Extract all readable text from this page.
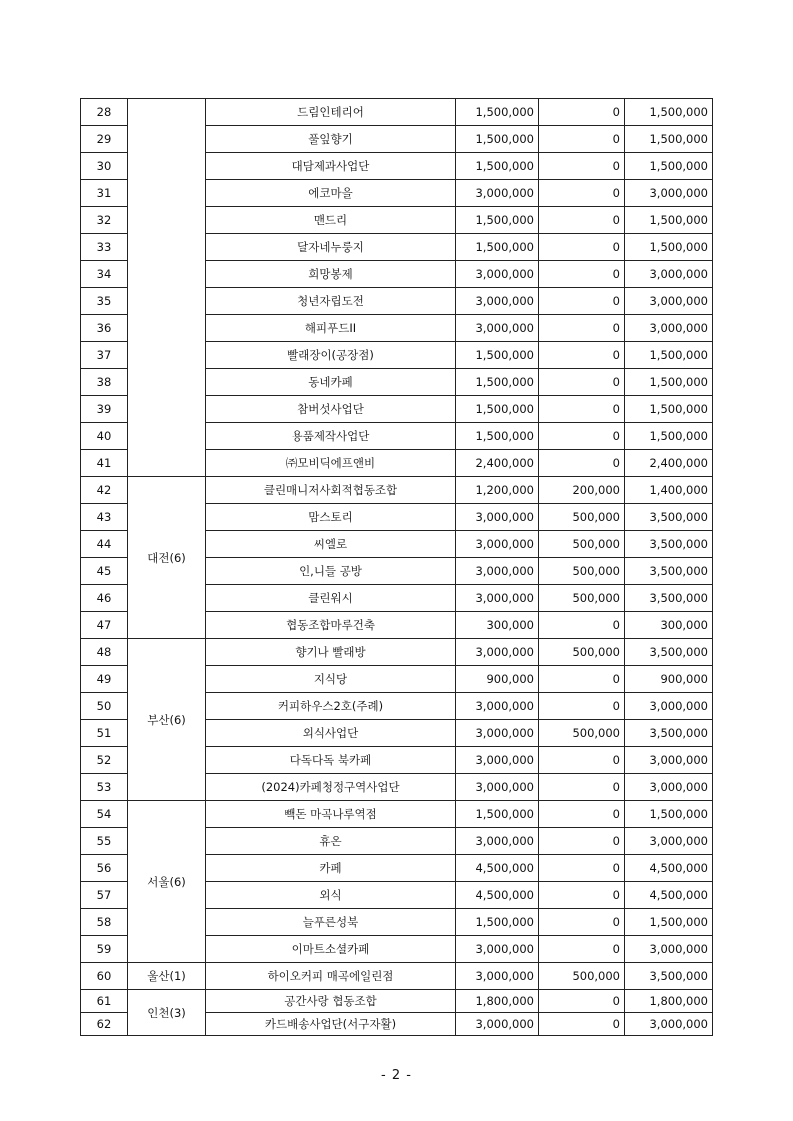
28		드림인테리어	1,500,000	0	1,500,000
29		풀잎향기	1,500,000	0	1,500,000
30		대담제과사업단	1,500,000	0	1,500,000
31		에코마을	3,000,000	0	3,000,000
32		맨드리	1,500,000	0	1,500,000
33		달자네누룽지	1,500,000	0	1,500,000
34		희망봉제	3,000,000	0	3,000,000
35		청년자립도전	3,000,000	0	3,000,000
36		해피푸드II	3,000,000	0	3,000,000
37		빨래장이(공장점)	1,500,000	0	1,500,000
38		동네카페	1,500,000	0	1,500,000
39		참버섯사업단	1,500,000	0	1,500,000
40		용품제작사업단	1,500,000	0	1,500,000
41		㈜모비딕에프앤비	2,400,000	0	2,400,000
42	대전(6)	클린매니저사회적협동조합	1,200,000	200,000	1,400,000
43		맘스토리	3,000,000	500,000	3,500,000
44		씨엘로	3,000,000	500,000	3,500,000
45		인,니들 공방	3,000,000	500,000	3,500,000
46		클린워시	3,000,000	500,000	3,500,000
47		협동조합마루건축	300,000	0	300,000
48	부산(6)	향기나 빨래방	3,000,000	500,000	3,500,000
49		지식당	900,000	0	900,000
50		커피하우스2호(주례)	3,000,000	0	3,000,000
51		외식사업단	3,000,000	500,000	3,500,000
52		다독다독 북카페	3,000,000	0	3,000,000
53		(2024)카페청정구역사업단	3,000,000	0	3,000,000
54	서울(6)	빽돈 마곡나루역점	1,500,000	0	1,500,000
55		휴온	3,000,000	0	3,000,000
56		카페	4,500,000	0	4,500,000
57		외식	4,500,000	0	4,500,000
58		늘푸른성북	1,500,000	0	1,500,000
59		이마트소셜카페	3,000,000	0	3,000,000
60	울산(1)	하이오커피 매곡에일린점	3,000,000	500,000	3,500,000
61	인천(3)	공간사랑 협동조합	1,800,000	0	1,800,000
62		카드배송사업단(서구자활)	3,000,000	0	3,000,000
- 2 -
